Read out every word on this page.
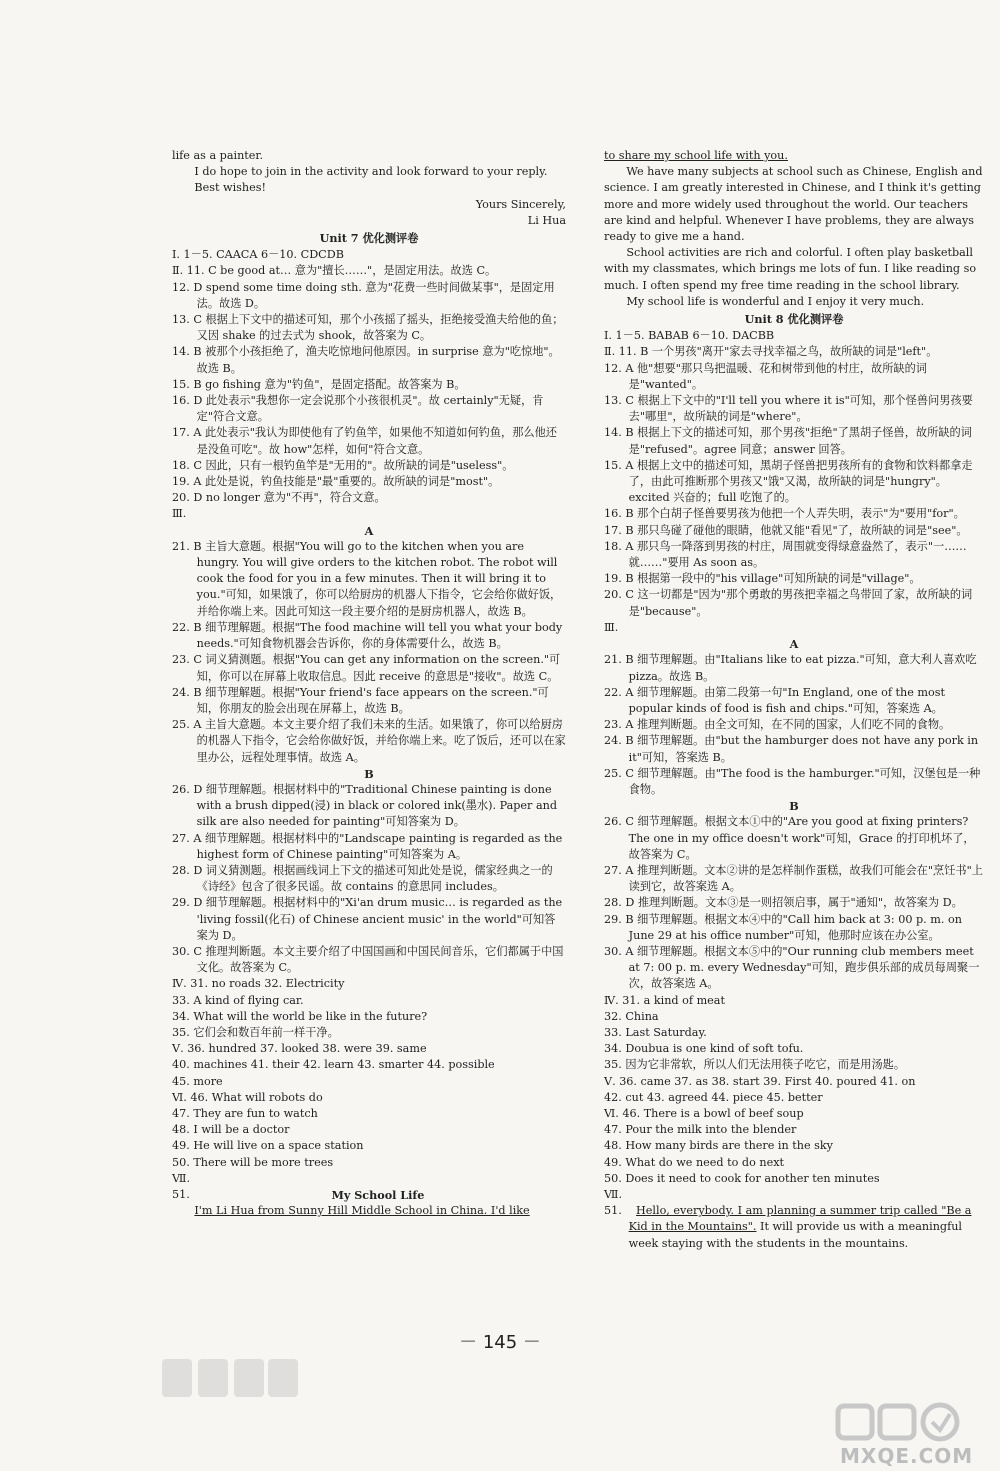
life as a painter.

I do hope to join in the activity and look forward to your reply.

Best wishes!

Yours Sincerely,

Li Hua

Unit 7 优化测评卷

Ⅰ. 1－5. CAACA 6－10. CDCDB

Ⅱ. 11. C be good at… 意为"擅长……"，是固定用法。故选 C。

12. D spend some time doing sth. 意为"花费一些时间做某事"，是固定用法。故选 D。

13. C 根据上下文中的描述可知，那个小孩摇了摇头，拒绝接受渔夫给他的鱼；又因 shake 的过去式为 shook，故答案为 C。

14. B 被那个小孩拒绝了，渔夫吃惊地问他原因。in surprise 意为"吃惊地"。故选 B。

15. B go fishing 意为"钓鱼"，是固定搭配。故答案为 B。

16. D 此处表示"我想你一定会说那个小孩很机灵"。故 certainly"无疑，肯定"符合文意。

17. A 此处表示"我认为即使他有了钓鱼竿，如果他不知道如何钓鱼，那么他还是没鱼可吃"。故 how"怎样，如何"符合文意。

18. C 因此，只有一根钓鱼竿是"无用的"。故所缺的词是"useless"。

19. A 此处是说，钓鱼技能是"最"重要的。故所缺的词是"most"。

20. D no longer 意为"不再"，符合文意。

Ⅲ.

A

21. B 主旨大意题。根据"You will go to the kitchen when you are hungry. You will give orders to the kitchen robot. The robot will cook the food for you in a few minutes. Then it will bring it to you."可知，如果饿了，你可以给厨房的机器人下指令，它会给你做好饭，并给你端上来。因此可知这一段主要介绍的是厨房机器人，故选 B。

22. B 细节理解题。根据"The food machine will tell you what your body needs."可知食物机器会告诉你，你的身体需要什么，故选 B。

23. C 词义猜测题。根据"You can get any information on the screen."可知，你可以在屏幕上收取信息。因此 receive 的意思是"接收"。故选 C。

24. B 细节理解题。根据"Your friend's face appears on the screen."可知，你朋友的脸会出现在屏幕上，故选 B。

25. A 主旨大意题。本文主要介绍了我们未来的生活。如果饿了，你可以给厨房的机器人下指令，它会给你做好饭，并给你端上来。吃了饭后，还可以在家里办公，远程处理事情。故选 A。

B

26. D 细节理解题。根据材料中的"Traditional Chinese painting is done with a brush dipped(浸) in black or colored ink(墨水). Paper and silk are also needed for painting"可知答案为 D。

27. A 细节理解题。根据材料中的"Landscape painting is regarded as the highest form of Chinese painting"可知答案为 A。

28. D 词义猜测题。根据画线词上下文的描述可知此处是说，儒家经典之一的《诗经》包含了很多民谣。故 contains 的意思同 includes。

29. D 细节理解题。根据材料中的"Xi'an drum music… is regarded as the 'living fossil(化石) of Chinese ancient music' in the world"可知答案为 D。

30. C 推理判断题。本文主要介绍了中国国画和中国民间音乐，它们都属于中国文化。故答案为 C。

Ⅳ. 31. no roads 32. Electricity

33. A kind of flying car.

34. What will the world be like in the future?

35. 它们会和数百年前一样干净。

Ⅴ. 36. hundred 37. looked 38. were 39. same

40. machines 41. their 42. learn 43. smarter 44. possible

45. more

Ⅵ. 46. What will robots do

47. They are fun to watch

48. I will be a doctor

49. He will live on a space station

50. There will be more trees

Ⅶ.

51.	My School Life

I'm Li Hua from Sunny Hill Middle School in China. I'd like

to share my school life with you.

We have many subjects at school such as Chinese, English and science. I am greatly interested in Chinese, and I think it's getting more and more widely used throughout the world. Our teachers are kind and helpful. Whenever I have problems, they are always ready to give me a hand.

School activities are rich and colorful. I often play basketball with my classmates, which brings me lots of fun. I like reading so much. I often spend my free time reading in the school library.

My school life is wonderful and I enjoy it very much.

Unit 8 优化测评卷

Ⅰ. 1－5. BABAB 6－10. DACBB

Ⅱ. 11. B 一个男孩"离开"家去寻找幸福之鸟，故所缺的词是"left"。

12. A 他"想要"那只鸟把温暖、花和树带到他的村庄，故所缺的词是"wanted"。

13. C 根据上下文中的"I'll tell you where it is"可知，那个怪兽问男孩要去"哪里"，故所缺的词是"where"。

14. B 根据上下文的描述可知，那个男孩"拒绝"了黑胡子怪兽，故所缺的词是"refused"。agree 同意；answer 回答。

15. A 根据上文中的描述可知，黑胡子怪兽把男孩所有的食物和饮料都拿走了，由此可推断那个男孩又"饿"又渴，故所缺的词是"hungry"。excited 兴奋的；full 吃饱了的。

16. B 那个白胡子怪兽要男孩为他把一个人弄失明，表示"为"要用"for"。

17. B 那只鸟碰了碰他的眼睛，他就又能"看见"了，故所缺的词是"see"。

18. A 那只鸟一降落到男孩的村庄，周围就变得绿意盎然了，表示"一……就……"要用 As soon as。

19. B 根据第一段中的"his village"可知所缺的词是"village"。

20. C 这一切都是"因为"那个勇敢的男孩把幸福之鸟带回了家，故所缺的词是"because"。

Ⅲ.

A

21. B 细节理解题。由"Italians like to eat pizza."可知，意大利人喜欢吃 pizza。故选 B。

22. A 细节理解题。由第二段第一句"In England, one of the most popular kinds of food is fish and chips."可知，答案选 A。

23. A 推理判断题。由全文可知，在不同的国家，人们吃不同的食物。

24. B 细节理解题。由"but the hamburger does not have any pork in it"可知，答案选 B。

25. C 细节理解题。由"The food is the hamburger."可知，汉堡包是一种食物。

B

26. C 细节理解题。根据文本①中的"Are you good at fixing printers? The one in my office doesn't work"可知，Grace 的打印机坏了，故答案为 C。

27. A 推理判断题。文本②讲的是怎样制作蛋糕，故我们可能会在"烹饪书"上读到它，故答案选 A。

28. D 推理判断题。文本③是一则招领启事，属于"通知"，故答案为 D。

29. B 细节理解题。根据文本④中的"Call him back at 3: 00 p. m. on June 29 at his office number"可知，他那时应该在办公室。

30. A 细节理解题。根据文本⑤中的"Our running club members meet at 7: 00 p. m. every Wednesday"可知，跑步俱乐部的成员每周聚一次，故答案选 A。

Ⅳ. 31. a kind of meat

32. China

33. Last Saturday.

34. Doubua is one kind of soft tofu.

35. 因为它非常软，所以人们无法用筷子吃它，而是用汤匙。

Ⅴ. 36. came 37. as 38. start 39. First 40. poured 41. on

42. cut 43. agreed 44. piece 45. better

Ⅵ. 46. There is a bowl of beef soup

47. Pour the milk into the blender

48. How many birds are there in the sky

49. What do we need to do next

50. Does it need to cook for another ten minutes

Ⅶ.

51. Hello, everybody. I am planning a summer trip called "Be a Kid in the Mountains". It will provide us with a meaningful week staying with the students in the mountains.

－ 145 －
MXQE.COM
